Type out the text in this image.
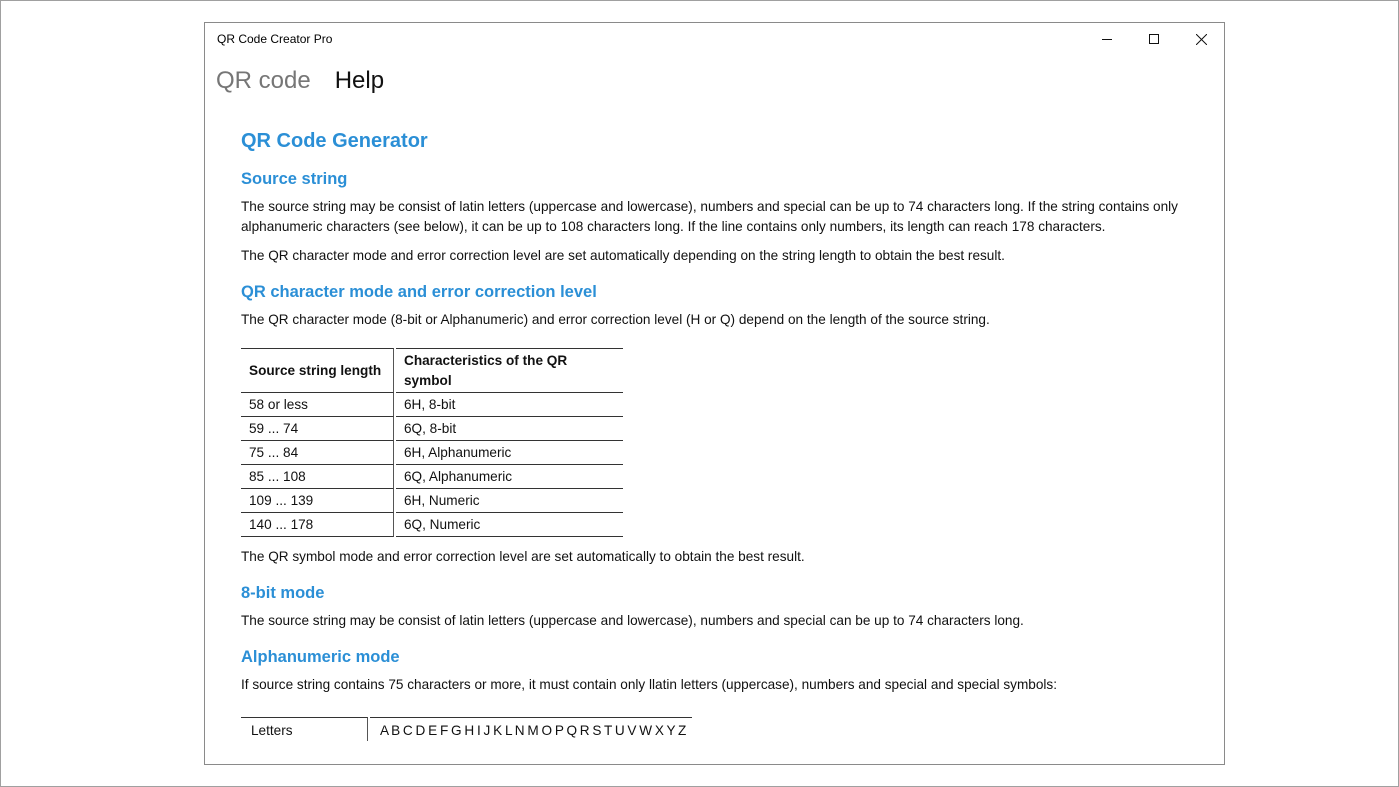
QR Code Creator Pro
QR code Help
QR Code Generator
Source string

The source string may be consist of latin letters (uppercase and lowercase), numbers and special can be up to 74 characters long. If the string contains only alphanumeric characters (see below), it can be up to 108 characters long. If the line contains only numbers, its length can reach 178 characters.

The QR character mode and error correction level are set automatically depending on the string length to obtain the best result.

QR character mode and error correction level

The QR character mode (8-bit or Alphanumeric) and error correction level (H or Q) depend on the length of the source string.

Source string length	Characteristics of the QR symbol
58 or less	6H, 8-bit
59 ... 74	6Q, 8-bit
75 ... 84	6H, Alphanumeric
85 ... 108	6Q, Alphanumeric
109 ... 139	6H, Numeric
140 ... 178	6Q, Numeric

The QR symbol mode and error correction level are set automatically to obtain the best result.

8-bit mode

The source string may be consist of latin letters (uppercase and lowercase), numbers and special can be up to 74 characters long.

Alphanumeric mode

If source string contains 75 characters or more, it must contain only llatin letters (uppercase), numbers and special and special symbols:

Letters	A B C D E F G H I J K L N M O P Q R S T U V W X Y Z
